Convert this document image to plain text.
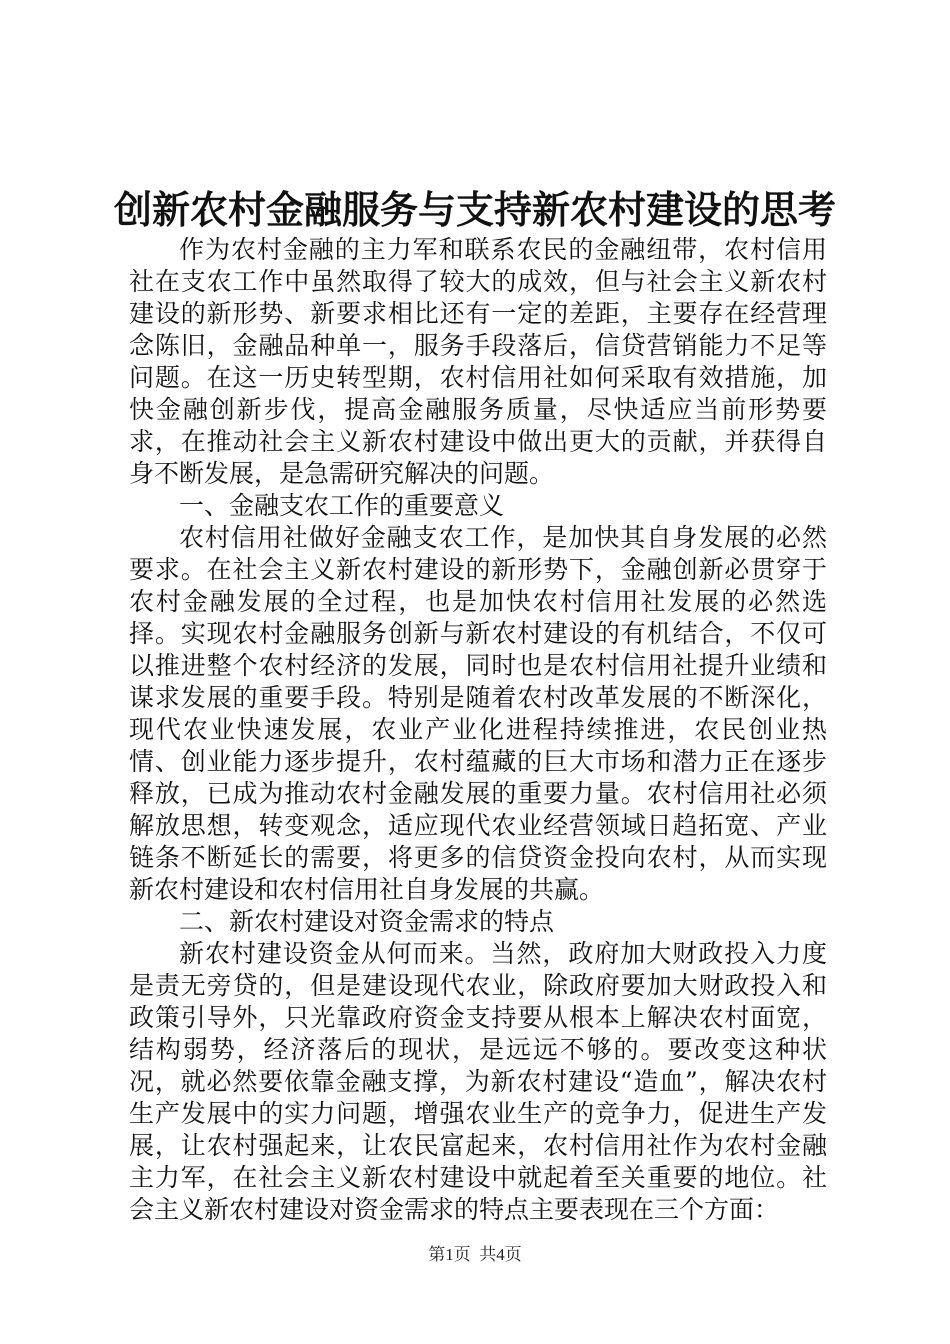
创新农村金融服务与支持新农村建设的思考

作为农村金融的主力军和联系农民的金融纽带，农村信用社在支农工作中虽然取得了较大的成效，但与社会主义新农村建设的新形势、新要求相比还有一定的差距，主要存在经营理念陈旧，金融品种单一，服务手段落后，信贷营销能力不足等问题。在这一历史转型期，农村信用社如何采取有效措施，加快金融创新步伐，提高金融服务质量，尽快适应当前形势要求，在推动社会主义新农村建设中做出更大的贡献，并获得自身不断发展，是急需研究解决的问题。

一、金融支农工作的重要意义

农村信用社做好金融支农工作，是加快其自身发展的必然要求。在社会主义新农村建设的新形势下，金融创新必贯穿于农村金融发展的全过程，也是加快农村信用社发展的必然选择。实现农村金融服务创新与新农村建设的有机结合，不仅可以推进整个农村经济的发展，同时也是农村信用社提升业绩和谋求发展的重要手段。特别是随着农村改革发展的不断深化，现代农业快速发展，农业产业化进程持续推进，农民创业热情、创业能力逐步提升，农村蕴藏的巨大市场和潜力正在逐步释放，已成为推动农村金融发展的重要力量。农村信用社必须解放思想，转变观念，适应现代农业经营领域日趋拓宽、产业链条不断延长的需要，将更多的信贷资金投向农村，从而实现新农村建设和农村信用社自身发展的共赢。

二、新农村建设对资金需求的特点

新农村建设资金从何而来。当然，政府加大财政投入力度是责无旁贷的，但是建设现代农业，除政府要加大财政投入和政策引导外，只光靠政府资金支持要从根本上解决农村面宽，结构弱势，经济落后的现状，是远远不够的。要改变这种状况，就必然要依靠金融支撑，为新农村建设“造血”，解决农村生产发展中的实力问题，增强农业生产的竞争力，促进生产发展，让农村强起来，让农民富起来，农村信用社作为农村金融主力军，在社会主义新农村建设中就起着至关重要的地位。社会主义新农村建设对资金需求的特点主要表现在三个方面：

第1页 共4页
